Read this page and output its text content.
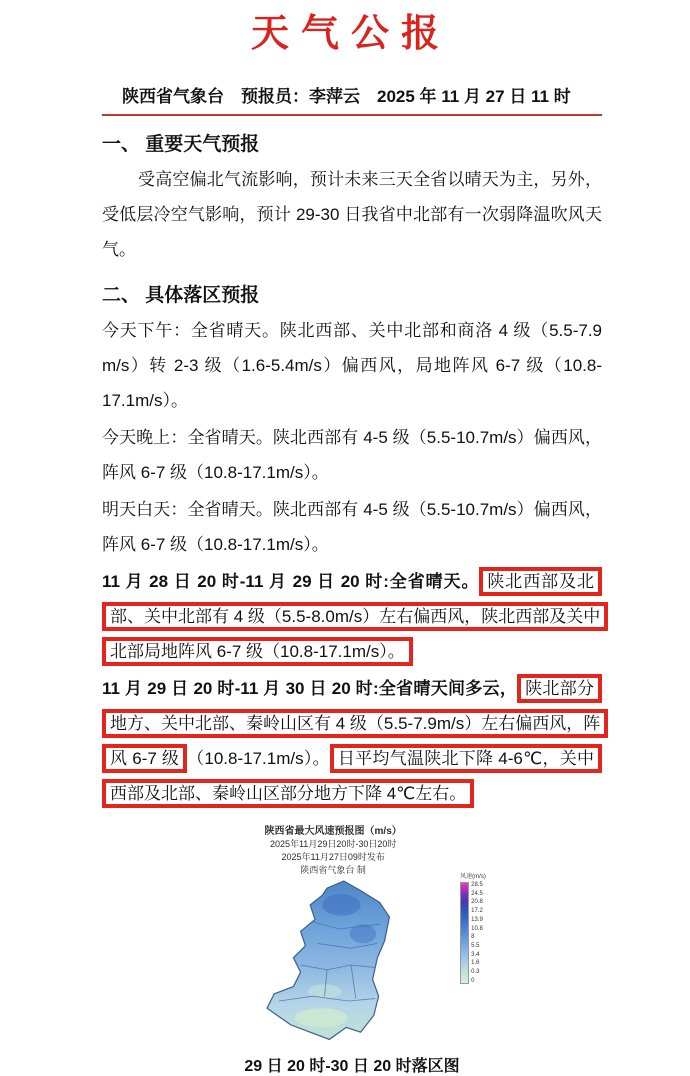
天气公报
陕西省气象台　预报员：李萍云　2025 年 11 月 27 日 11 时
一、 重要天气预报
受高空偏北气流影响，预计未来三天全省以晴天为主，另外，受低层冷空气影响，预计 29-30 日我省中北部有一次弱降温吹风天气。
二、 具体落区预报
今天下午：全省晴天。陕北西部、关中北部和商洛 4 级（5.5-7.9 m/s）转 2-3 级（1.6-5.4m/s）偏西风，局地阵风 6-7 级（10.8-17.1m/s）。
今天晚上：全省晴天。陕北西部有 4-5 级（5.5-10.7m/s）偏西风，阵风 6-7 级（10.8-17.1m/s）。
明天白天：全省晴天。陕北西部有 4-5 级（5.5-10.7m/s）偏西风，阵风 6-7 级（10.8-17.1m/s）。
11 月 28 日 20 时-11 月 29 日 20 时:全省晴天。 陕北西部及北部、关中北部有 4 级（5.5-8.0m/s）左右偏西风，陕北西部及关中北部局地阵风 6-7 级（10.8-17.1m/s）。
11 月 29 日 20 时-11 月 30 日 20 时:全省晴天间多云， 陕北部分地方、关中北部、秦岭山区有 4 级（5.5-7.9m/s）左右偏西风，阵风 6-7 级 （10.8-17.1m/s）。 日平均气温陕北下降 4-6℃，关中西部及北部、秦岭山区部分地方下降 4℃左右。
陕西省最大风速预报图（m/s）
2025年11月29日20时-30日20时
2025年11月27日09时发布
陕西省气象台 制
风速(m/s)
28.5
24.5
20.8
17.2
13.9
10.8
8
5.5
3.4
1.6
0.3
0
29 日 20 时-30 日 20 时落区图
